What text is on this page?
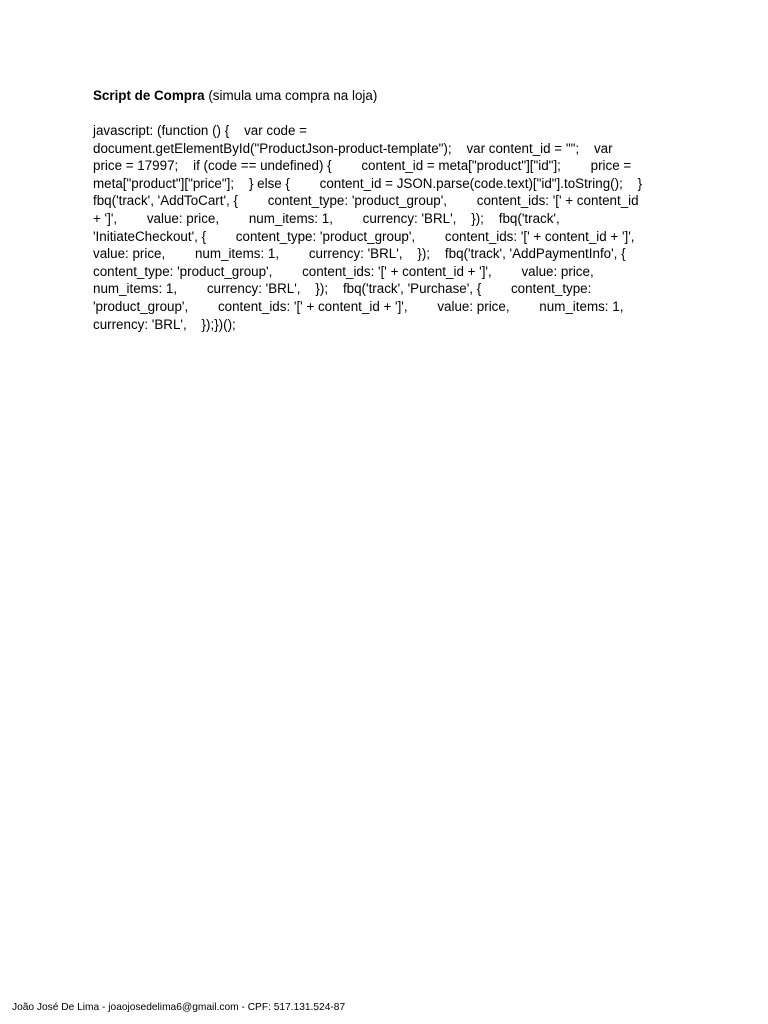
Script de Compra (simula uma compra na loja)
javascript: (function () {    var code =
document.getElementById("ProductJson-product-template");    var content_id = "";    var
price = 17997;    if (code == undefined) {        content_id = meta["product"]["id"];        price =
meta["product"]["price"];    } else {        content_id = JSON.parse(code.text)["id"].toString();    }
fbq('track', 'AddToCart', {        content_type: 'product_group',        content_ids: '[' + content_id
+ ']',        value: price,        num_items: 1,        currency: 'BRL',    });    fbq('track',
'InitiateCheckout', {        content_type: 'product_group',        content_ids: '[' + content_id + ']',
value: price,        num_items: 1,        currency: 'BRL',    });    fbq('track', 'AddPaymentInfo', {
content_type: 'product_group',        content_ids: '[' + content_id + ']',        value: price,
num_items: 1,        currency: 'BRL',    });    fbq('track', 'Purchase', {        content_type:
'product_group',        content_ids: '[' + content_id + ']',        value: price,        num_items: 1,
currency: 'BRL',    });})();
João José De Lima - joaojosedelima6@gmail.com - CPF: 517.131.524-87
